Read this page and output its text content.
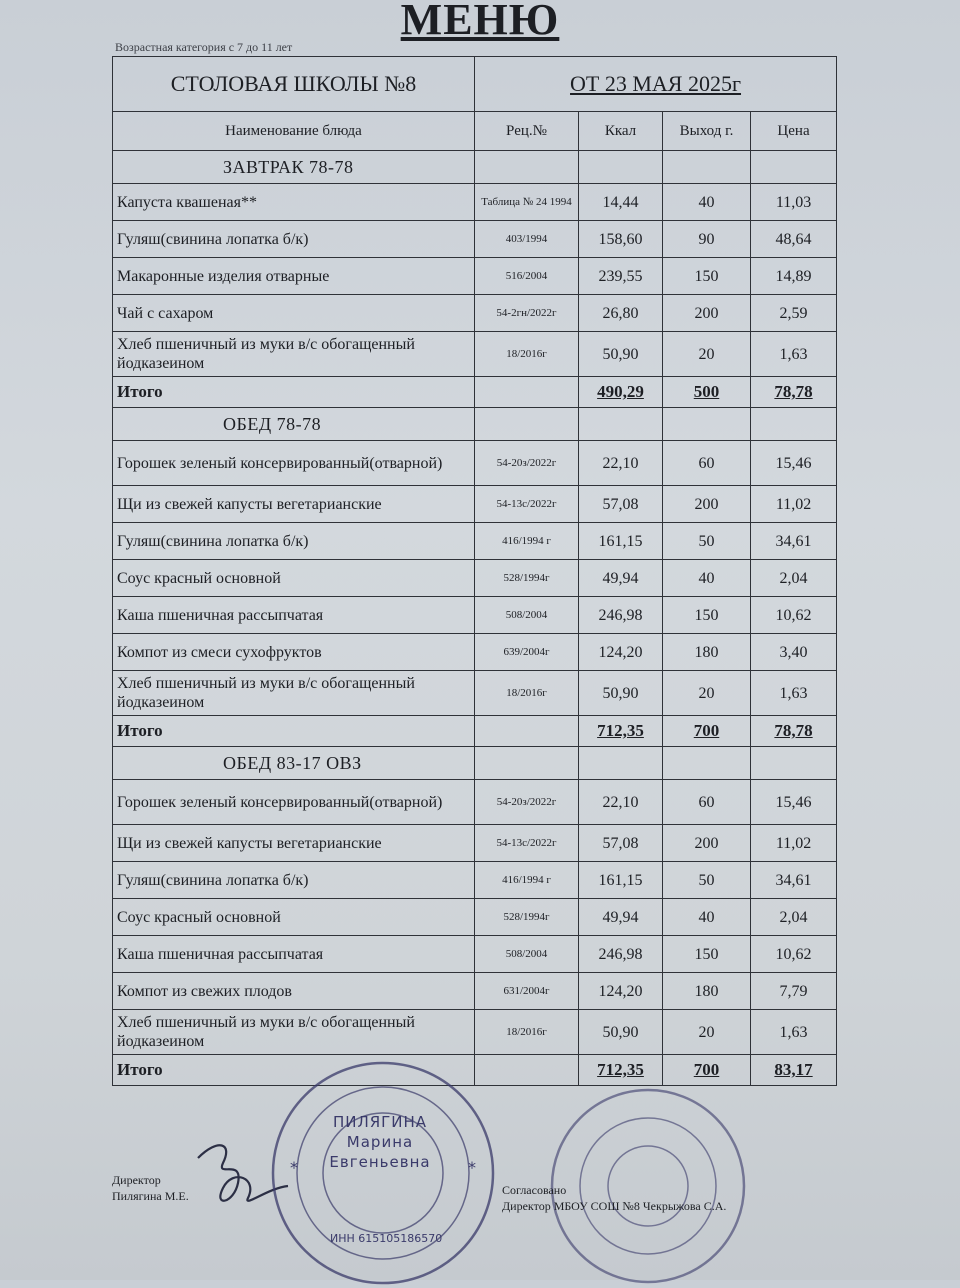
МЕНЮ
Возрастная категория с 7 до 11 лет
СТОЛОВАЯ ШКОЛЫ №8	ОТ 23 МАЯ 2025г			
Наименование блюда	Рец.№	Ккал	Выход г.	Цена
ЗАВТРАК 78-78				
Капуста квашеная**	Таблица № 24 1994	14,44	40	11,03
Гуляш(свинина лопатка б/к)	403/1994	158,60	90	48,64
Макаронные изделия отварные	516/2004	239,55	150	14,89
Чай с сахаром	54-2гн/2022г	26,80	200	2,59
Хлеб пшеничный из муки в/с обогащенный йодказеином	18/2016г	50,90	20	1,63
Итого		490,29	500	78,78
ОБЕД 78-78				
Горошек зеленый консервированный(отварной)	54-20з/2022г	22,10	60	15,46
Щи из свежей капусты вегетарианские	54-13с/2022г	57,08	200	11,02
Гуляш(свинина лопатка б/к)	416/1994 г	161,15	50	34,61
Соус красный основной	528/1994г	49,94	40	2,04
Каша пшеничная рассыпчатая	508/2004	246,98	150	10,62
Компот из смеси сухофруктов	639/2004г	124,20	180	3,40
Хлеб пшеничный из муки в/с обогащенный йодказеином	18/2016г	50,90	20	1,63
Итого		712,35	700	78,78
ОБЕД 83-17 ОВЗ				
Горошек зеленый консервированный(отварной)	54-20з/2022г	22,10	60	15,46
Щи из свежей капусты вегетарианские	54-13с/2022г	57,08	200	11,02
Гуляш(свинина лопатка б/к)	416/1994 г	161,15	50	34,61
Соус красный основной	528/1994г	49,94	40	2,04
Каша пшеничная рассыпчатая	508/2004	246,98	150	10,62
Компот из свежих плодов	631/2004г	124,20	180	7,79
Хлеб пшеничный из муки в/с обогащенный йодказеином	18/2016г	50,90	20	1,63
Итого		712,35	700	83,17
*	*
ПИЛЯГИНА Марина Евгеньевна
ИНН 615105186570
Директор
Пилягина М.Е.	Согласовано
Директор МБОУ СОШ №8 Чекрыжова С.А.
